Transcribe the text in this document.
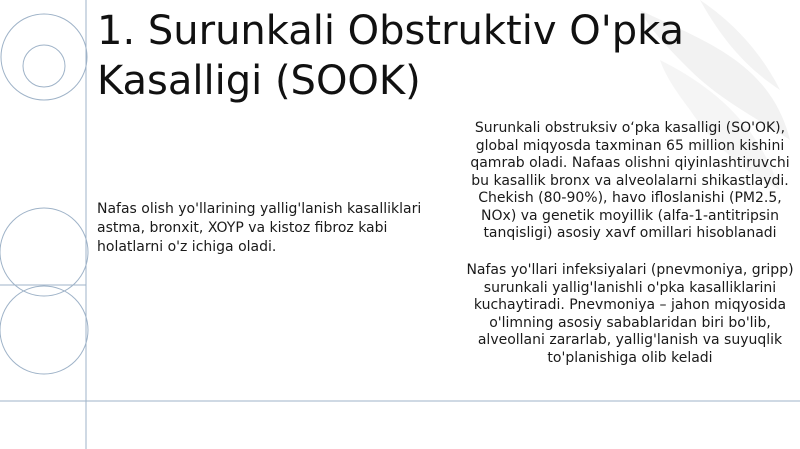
1. Surunkali Obstruktiv O'pka Kasalligi (SOOK)

Nafas olish yo'llarining yallig'lanish kasalliklari astma, bronxit, XOYP va kistoz fibroz kabi holatlarni o'z ichiga oladi.

Surunkali obstruksiv o‘pka kasalligi (SO'OK), global miqyosda taxminan 65 million kishini qamrab oladi. Nafaas olishni qiyinlashtiruvchi bu kasallik bronx va alveolalarni shikastlaydi. Chekish (80-90%), havo ifloslanishi (PM2.5, NOx) va genetik moyillik (alfa-1-antitripsin tanqisligi) asosiy xavf omillari hisoblanadi

Nafas yo'llari infeksiyalari (pnevmoniya, gripp) surunkali yallig'lanishli o'pka kasalliklarini kuchaytiradi. Pnevmoniya – jahon miqyosida o'limning asosiy sabablaridan biri bo'lib, alveollani zararlab, yallig'lanish va suyuqlik to'planishiga olib keladi
